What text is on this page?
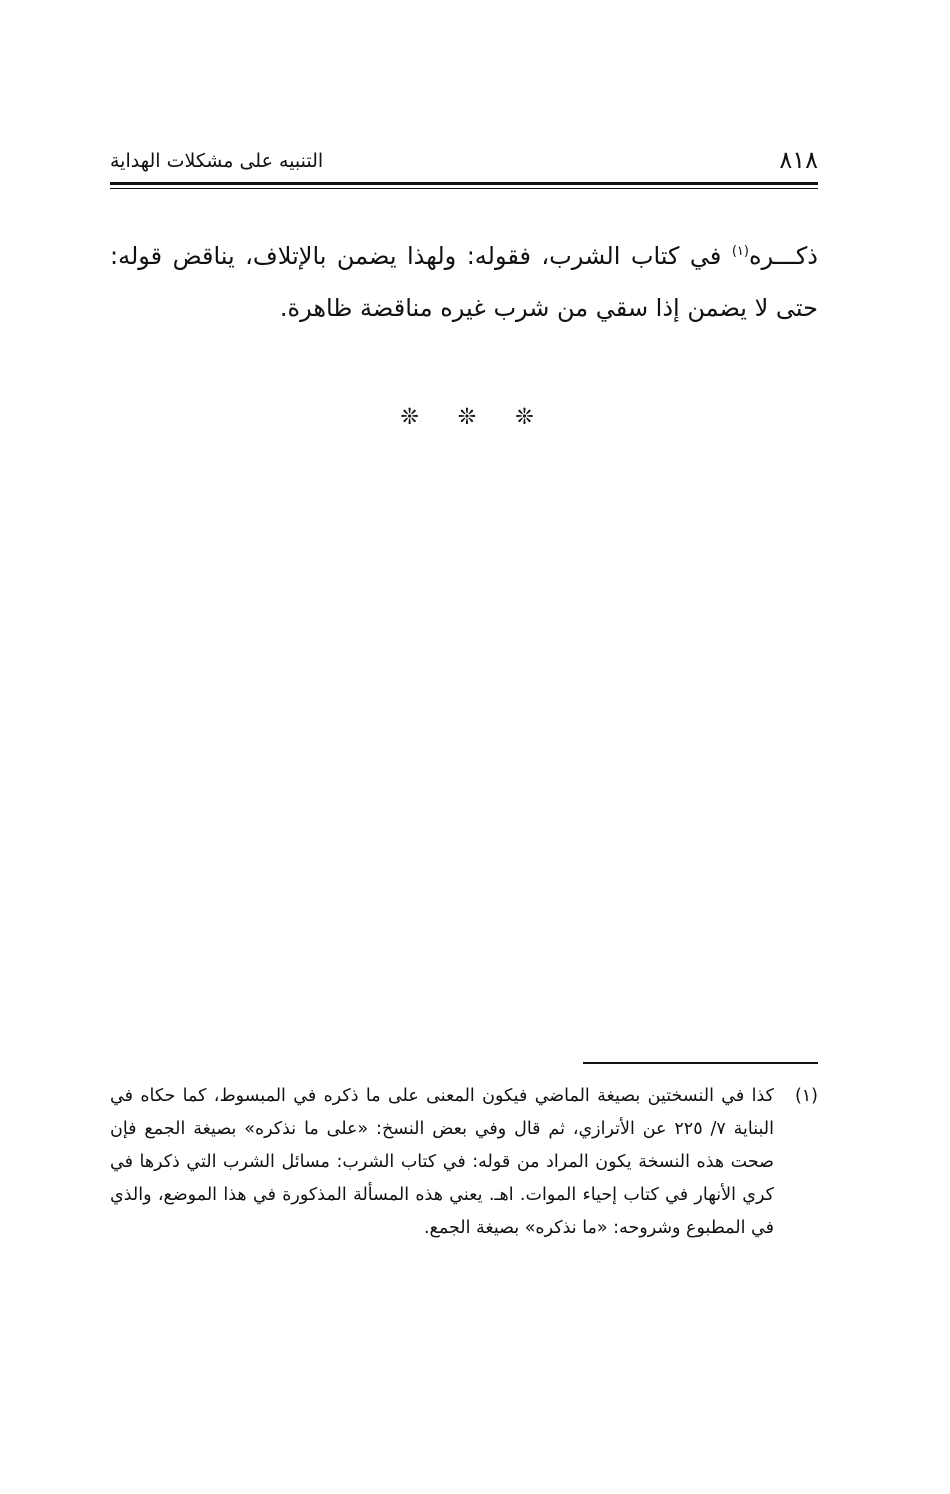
٨١٨
التنبيه على مشكلات الهداية

ذكـــره$^{(١)}$ في كتاب الشرب، فقوله: ولهذا يضمن بالإتلاف، يناقض قوله: حتى لا يضمن إذا سقي من شرب غيره مناقضة ظاهرة.

❊ ❊ ❊
(١)
كذا في النسختين بصيغة الماضي فيكون المعنى على ما ذكره في المبسوط، كما حكاه في البناية ٧/ ٢٢٥ عن الأترازي، ثم قال وفي بعض النسخ: «على ما نذكره» بصيغة الجمع فإن صحت هذه النسخة يكون المراد من قوله: في كتاب الشرب: مسائل الشرب التي ذكرها في كري الأنهار في كتاب إحياء الموات. اهـ. يعني هذه المسألة المذكورة في هذا الموضع، والذي في المطبوع وشروحه: «ما نذكره» بصيغة الجمع.
